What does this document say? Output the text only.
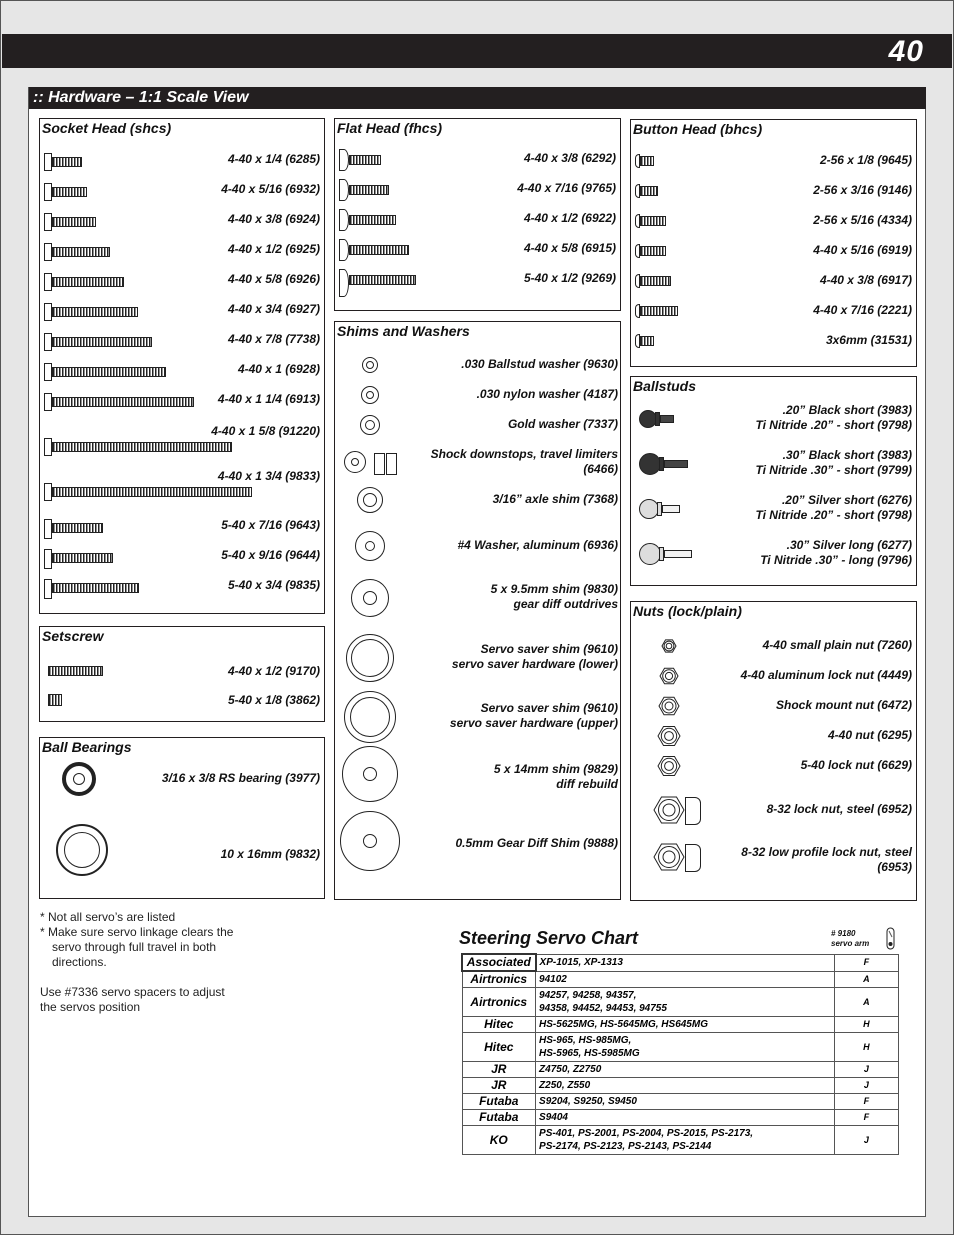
40
:: Hardware – 1:1 Scale View
Socket Head (shcs)
4-40 x 1/4 (6285)
4-40 x 5/16 (6932)
4-40 x 3/8 (6924)
4-40 x 1/2 (6925)
4-40 x 5/8 (6926)
4-40 x 3/4 (6927)
4-40 x 7/8 (7738)
4-40 x 1 (6928)
4-40 x 1 1/4 (6913)
4-40 x 1 5/8 (91220)
4-40 x 1 3/4 (9833)
5-40 x 7/16 (9643)
5-40 x 9/16 (9644)
5-40 x 3/4 (9835)
Setscrew
4-40 x 1/2 (9170)
5-40 x 1/8 (3862)
Ball Bearings
3/16 x 3/8 RS bearing (3977)
10 x 16mm (9832)
Flat Head (fhcs)
4-40 x 3/8 (6292)
4-40 x 7/16 (9765)
4-40 x 1/2 (6922)
4-40 x 5/8 (6915)
5-40 x 1/2 (9269)
Shims and Washers
.030 Ballstud washer (9630)
.030 nylon washer (4187)
Gold washer (7337)
Shock downstops, travel limiters
(6466)
3/16” axle shim (7368)
#4 Washer, aluminum (6936)
5 x 9.5mm shim (9830)
gear diff outdrives
Servo saver shim (9610)
servo saver hardware (lower)
Servo saver shim (9610)
servo saver hardware (upper)
5 x 14mm shim (9829)
diff rebuild
0.5mm Gear Diff Shim (9888)
Button Head (bhcs)
2-56 x 1/8 (9645)
2-56 x 3/16 (9146)
2-56 x 5/16 (4334)
4-40 x 5/16 (6919)
4-40 x 3/8 (6917)
4-40 x 7/16 (2221)
3x6mm (31531)
Ballstuds
.20” Black short (3983)
Ti Nitride .20” - short (9798)
.30” Black short (3983)
Ti Nitride .30” - short (9799)
.20” Silver short (6276)
Ti Nitride .20” - short (9798)
.30” Silver long (6277)
Ti Nitride .30” - long (9796)
Nuts (lock/plain)
4-40 small plain nut (7260)
4-40 aluminum lock nut (4449)
Shock mount nut (6472)
4-40 nut (6295)
5-40 lock nut (6629)
8-32 lock nut, steel (6952)
8-32 low profile lock nut, steel
(6953)
* Not all servo’s are listed
* Make sure servo linkage clears the
servo through full travel in both
directions.
Use #7336 servo spacers to adjust
the servos position
Steering Servo Chart	# 9180
servo arm
Associated	XP-1015, XP-1313	F
Airtronics	94102	A
Airtronics	94257, 94258, 94357,
94358, 94452, 94453, 94755	A
Hitec	HS-5625MG, HS-5645MG, HS645MG	H
Hitec	HS-965, HS-985MG,
HS-5965, HS-5985MG	H
JR	Z4750, Z2750	J
JR	Z250, Z550	J
Futaba	S9204, S9250, S9450	F
Futaba	S9404	F
KO	PS-401, PS-2001, PS-2004, PS-2015, PS-2173,
PS-2174, PS-2123, PS-2143, PS-2144	J
